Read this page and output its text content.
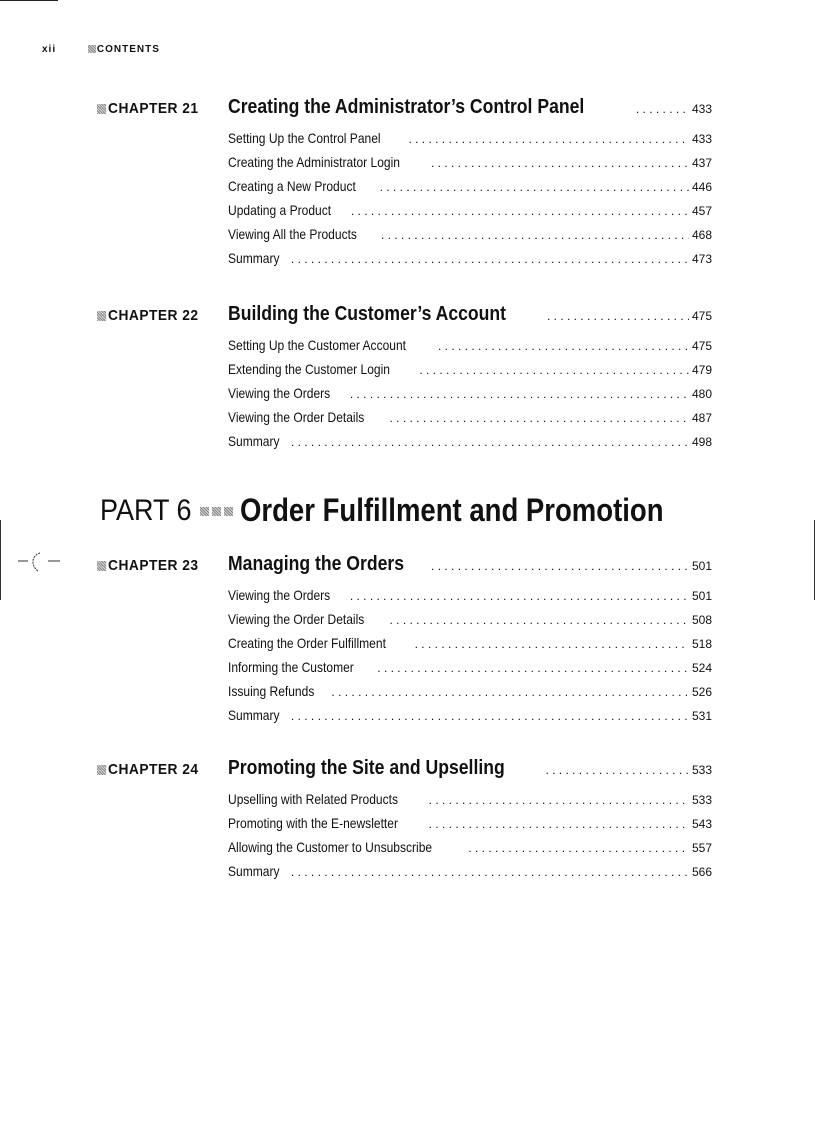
xii	CONTENTS
CHAPTER 21 Creating the Administrator’s Control Panel . . .	433
Setting Up the Control Panel . . .	433
Creating the Administrator Login . . .	437
Creating a New Product . . .	446
Updating a Product . . .	457
Viewing All the Products . . .	468
Summary . . .	473
CHAPTER 22 Building the Customer’s Account . . .	475
Setting Up the Customer Account . . .	475
Extending the Customer Login . . .	479
Viewing the Orders . . .	480
Viewing the Order Details . . .	487
Summary . . .	498
PART 6 Order Fulfillment and Promotion
CHAPTER 23 Managing the Orders . . .	501
Viewing the Orders . . .	501
Viewing the Order Details . . .	508
Creating the Order Fulfillment . . .	518
Informing the Customer . . .	524
Issuing Refunds . . .	526
Summary . . .	531
CHAPTER 24 Promoting the Site and Upselling . . .	533
Upselling with Related Products . . .	533
Promoting with the E-newsletter . . .	543
Allowing the Customer to Unsubscribe . . .	557
Summary . . .	566
